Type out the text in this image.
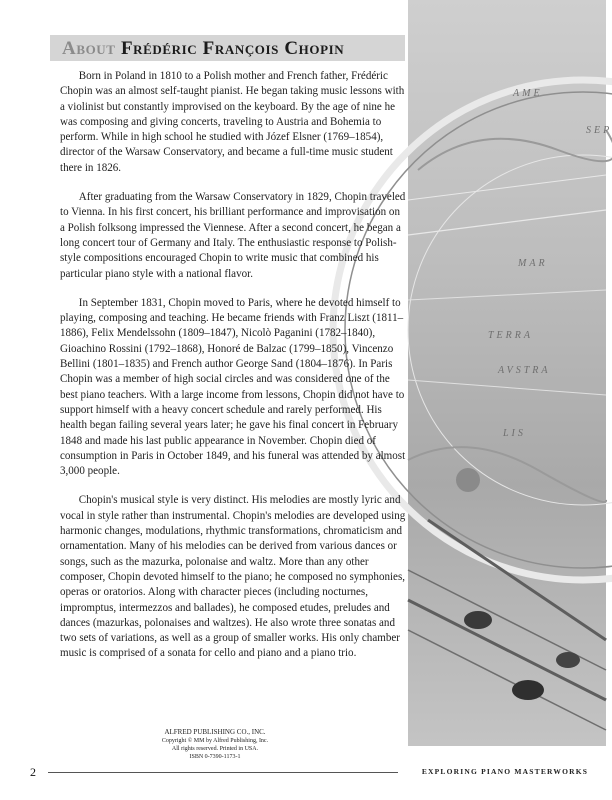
AME
SEP
MAR
TERRA
AVSTRA
LIS
About Frédéric François Chopin

Born in Poland in 1810 to a Polish mother and French father, Frédéric Chopin was an almost self-taught pianist. He began taking music lessons with a violinist but constantly improvised on the keyboard. By the age of nine he was composing and giving concerts, traveling to Austria and Bohemia to perform. While in high school he studied with Józef Elsner (1769–1854), director of the Warsaw Conservatory, and became a full-time music student there in 1826.

After graduating from the Warsaw Conservatory in 1829, Chopin traveled to Vienna. In his first concert, his brilliant performance and improvisation on a Polish folksong impressed the Viennese. After a second concert, he began a long concert tour of Germany and Italy. The enthusiastic response to Polish-style compositions encouraged Chopin to write music that combined his particular piano style with a national flavor.

In September 1831, Chopin moved to Paris, where he devoted himself to playing, composing and teaching. He became friends with Franz Liszt (1811–1886), Felix Mendelssohn (1809–1847), Nicolò Paganini (1782–1840), Gioachino Rossini (1792–1868), Honoré de Balzac (1799–1850), Vincenzo Bellini (1801–1835) and French author George Sand (1804–1876). In Paris Chopin was a member of high social circles and was considered one of the best piano teachers. With a large income from lessons, Chopin did not have to support himself with a heavy concert schedule and rarely performed. His health began failing several years later; he gave his final concert in February 1848 and made his last public appearance in November. Chopin died of consumption in Paris in October 1849, and his funeral was attended by almost 3,000 people.

Chopin's musical style is very distinct. His melodies are mostly lyric and vocal in style rather than instrumental. Chopin's melodies are developed using harmonic changes, modulations, rhythmic transformations, chromaticism and ornamentation. Many of his melodies can be derived from various dances or songs, such as the mazurka, polonaise and waltz. More than any other composer, Chopin devoted himself to the piano; he composed no symphonies, operas or oratorios. Along with character pieces (including nocturnes, impromptus, intermezzos and ballades), he composed etudes, preludes and dances (mazurkas, polonaises and waltzes). He also wrote three sonatas and two sets of variations, as well as a group of smaller works. His only chamber music is comprised of a sonata for cello and piano and a piano trio.

ALFRED PUBLISHING CO., INC.
Copyright © MM by Alfred Publishing, Inc.
All rights reserved. Printed in USA.
ISBN 0-7390-1173-1
2	EXPLORING PIANO MASTERWORKS
